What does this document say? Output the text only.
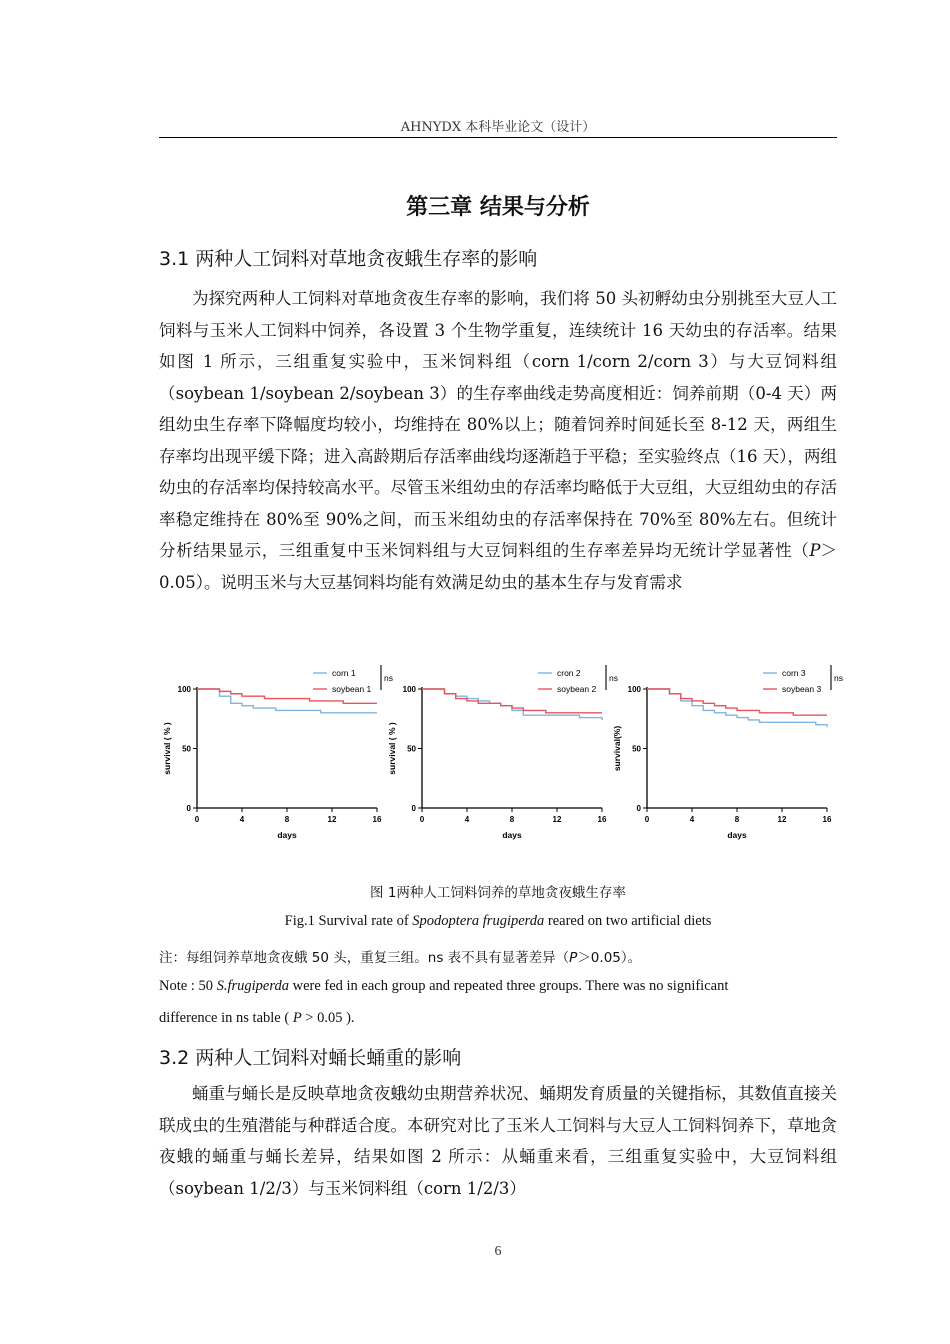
AHNYDX 本科毕业论文（设计）
第三章 结果与分析
3.1 两种人工饲料对草地贪夜蛾生存率的影响

为探究两种人工饲料对草地贪夜生存率的影响，我们将 50 头初孵幼虫分别挑至大豆人工饲料与玉米人工饲料中饲养，各设置 3 个生物学重复，连续统计 16 天幼虫的存活率。结果如图 1 所示，三组重复实验中，玉米饲料组（corn 1/corn 2/corn 3）与大豆饲料组（soybean 1/soybean 2/soybean 3）的生存率曲线走势高度相近：饲养前期（0-4 天）两组幼虫生存率下降幅度均较小，均维持在 80%以上；随着饲养时间延长至 8-12 天，两组生存率均出现平缓下降；进入高龄期后存活率曲线均逐渐趋于平稳；至实验终点（16 天），两组幼虫的存活率均保持较高水平。尽管玉米组幼虫的存活率均略低于大豆组，大豆组幼虫的存活率稳定维持在 80%至 90%之间，而玉米组幼虫的存活率保持在 70%至 80%左右。但统计分析结果显示，三组重复中玉米饲料组与大豆饲料组的生存率差异均无统计学显著性（P＞0.05）。说明玉米与大豆基饲料均能有效满足幼虫的基本生存与发育需求

0
50
100
0	4	8	12	16
days
survival ( % )
corn 1
soybean 1
ns
0
50
100
0	4	8	12	16
days
survival ( % )
cron 2
soybean 2
ns
0
50
100
0	4	8	12	16
days
survival(%)
corn 3
soybean 3
ns
图 1两种人工饲料饲养的草地贪夜蛾生存率
Fig.1 Survival rate of Spodoptera frugiperda reared on two artificial diets
注：每组饲养草地贪夜蛾 50 头，重复三组。ns 表不具有显著差异（P＞0.05）。
Note : 50 S.frugiperda were fed in each group and repeated three groups. There was no significant
difference in ns table ( P > 0.05 ).
3.2 两种人工饲料对蛹长蛹重的影响

蛹重与蛹长是反映草地贪夜蛾幼虫期营养状况、蛹期发育质量的关键指标，其数值直接关联成虫的生殖潜能与种群适合度。本研究对比了玉米人工饲料与大豆人工饲料饲养下，草地贪夜蛾的蛹重与蛹长差异，结果如图 2 所示：从蛹重来看，三组重复实验中，大豆饲料组（soybean 1/2/3）与玉米饲料组（corn 1/2/3）

6
